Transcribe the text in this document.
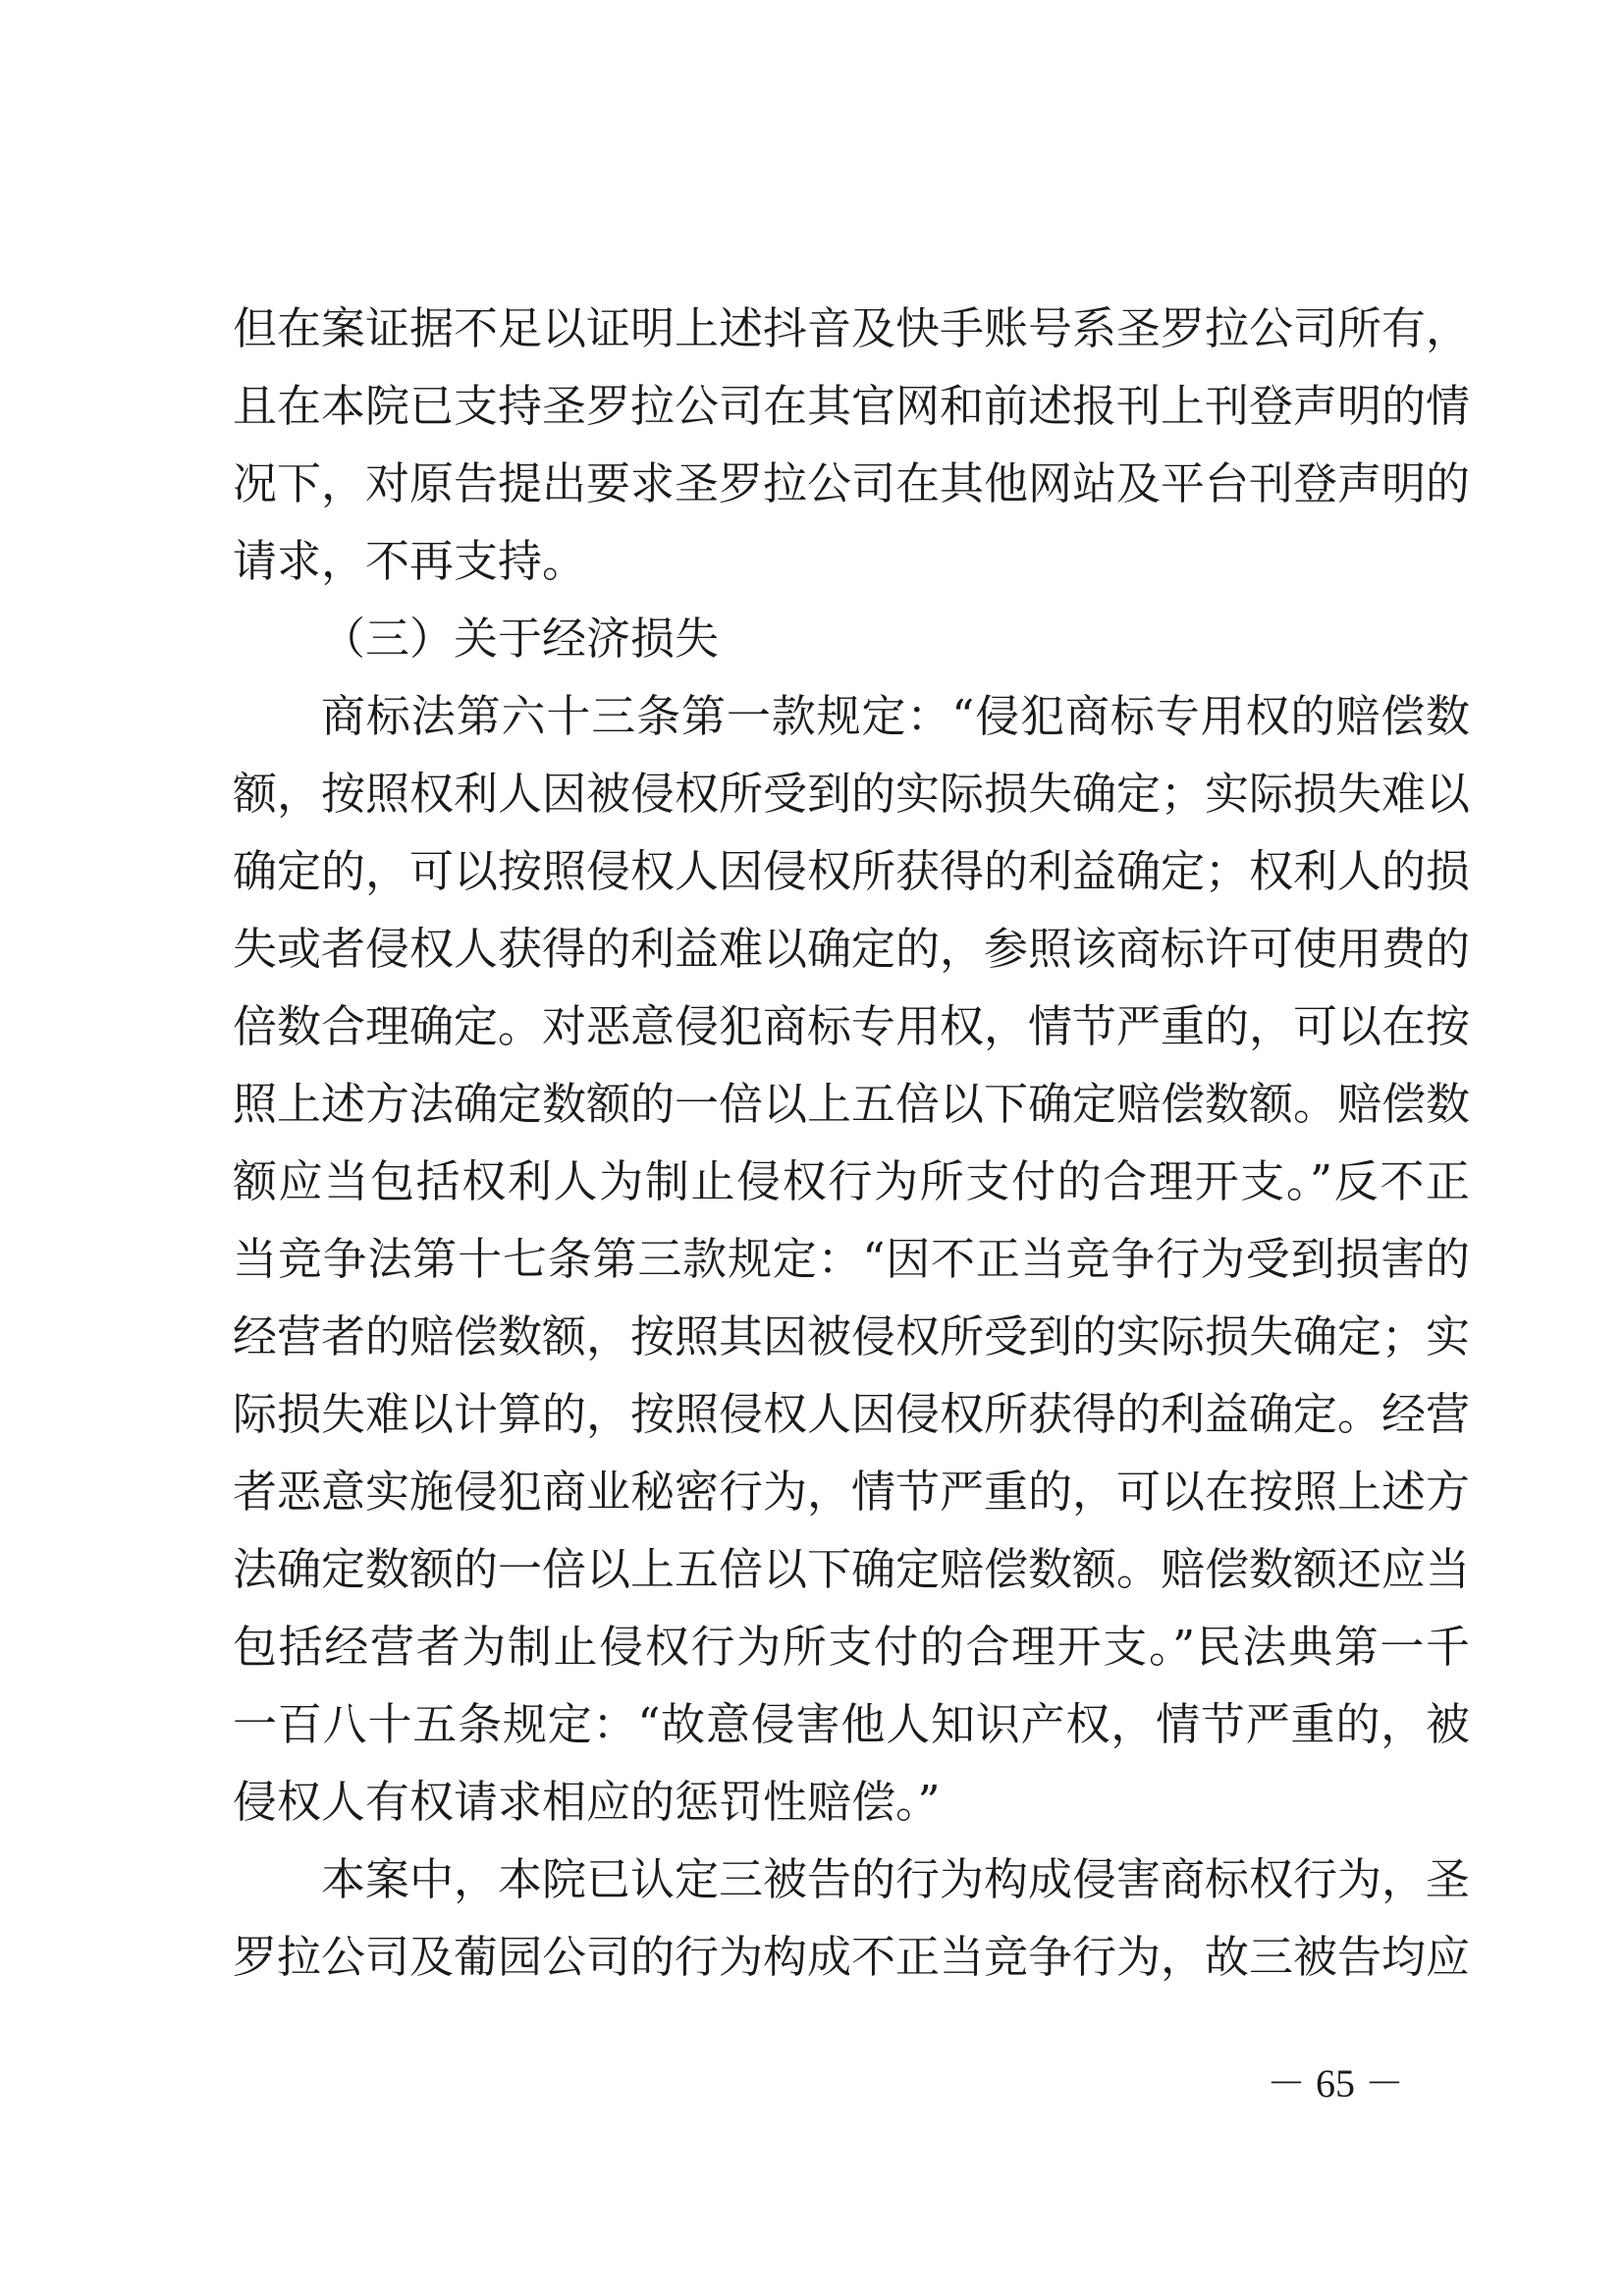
但在案证据不足以证明上述抖音及快手账号系圣罗拉公司所有，
且在本院已支持圣罗拉公司在其官网和前述报刊上刊登声明的情
况下，对原告提出要求圣罗拉公司在其他网站及平台刊登声明的
请求，不再支持。
（三）关于经济损失
商标法第六十三条第一款规定：“侵犯商标专用权的赔偿数
额，按照权利人因被侵权所受到的实际损失确定；实际损失难以
确定的，可以按照侵权人因侵权所获得的利益确定；权利人的损
失或者侵权人获得的利益难以确定的，参照该商标许可使用费的
倍数合理确定。对恶意侵犯商标专用权，情节严重的，可以在按
照上述方法确定数额的一倍以上五倍以下确定赔偿数额。赔偿数
额应当包括权利人为制止侵权行为所支付的合理开支。”反不正
当竞争法第十七条第三款规定：“因不正当竞争行为受到损害的
经营者的赔偿数额，按照其因被侵权所受到的实际损失确定；实
际损失难以计算的，按照侵权人因侵权所获得的利益确定。经营
者恶意实施侵犯商业秘密行为，情节严重的，可以在按照上述方
法确定数额的一倍以上五倍以下确定赔偿数额。赔偿数额还应当
包括经营者为制止侵权行为所支付的合理开支。”民法典第一千
一百八十五条规定：“故意侵害他人知识产权，情节严重的，被
侵权人有权请求相应的惩罚性赔偿。”
本案中，本院已认定三被告的行为构成侵害商标权行为，圣
罗拉公司及葡园公司的行为构成不正当竞争行为，故三被告均应
－ 65 －
